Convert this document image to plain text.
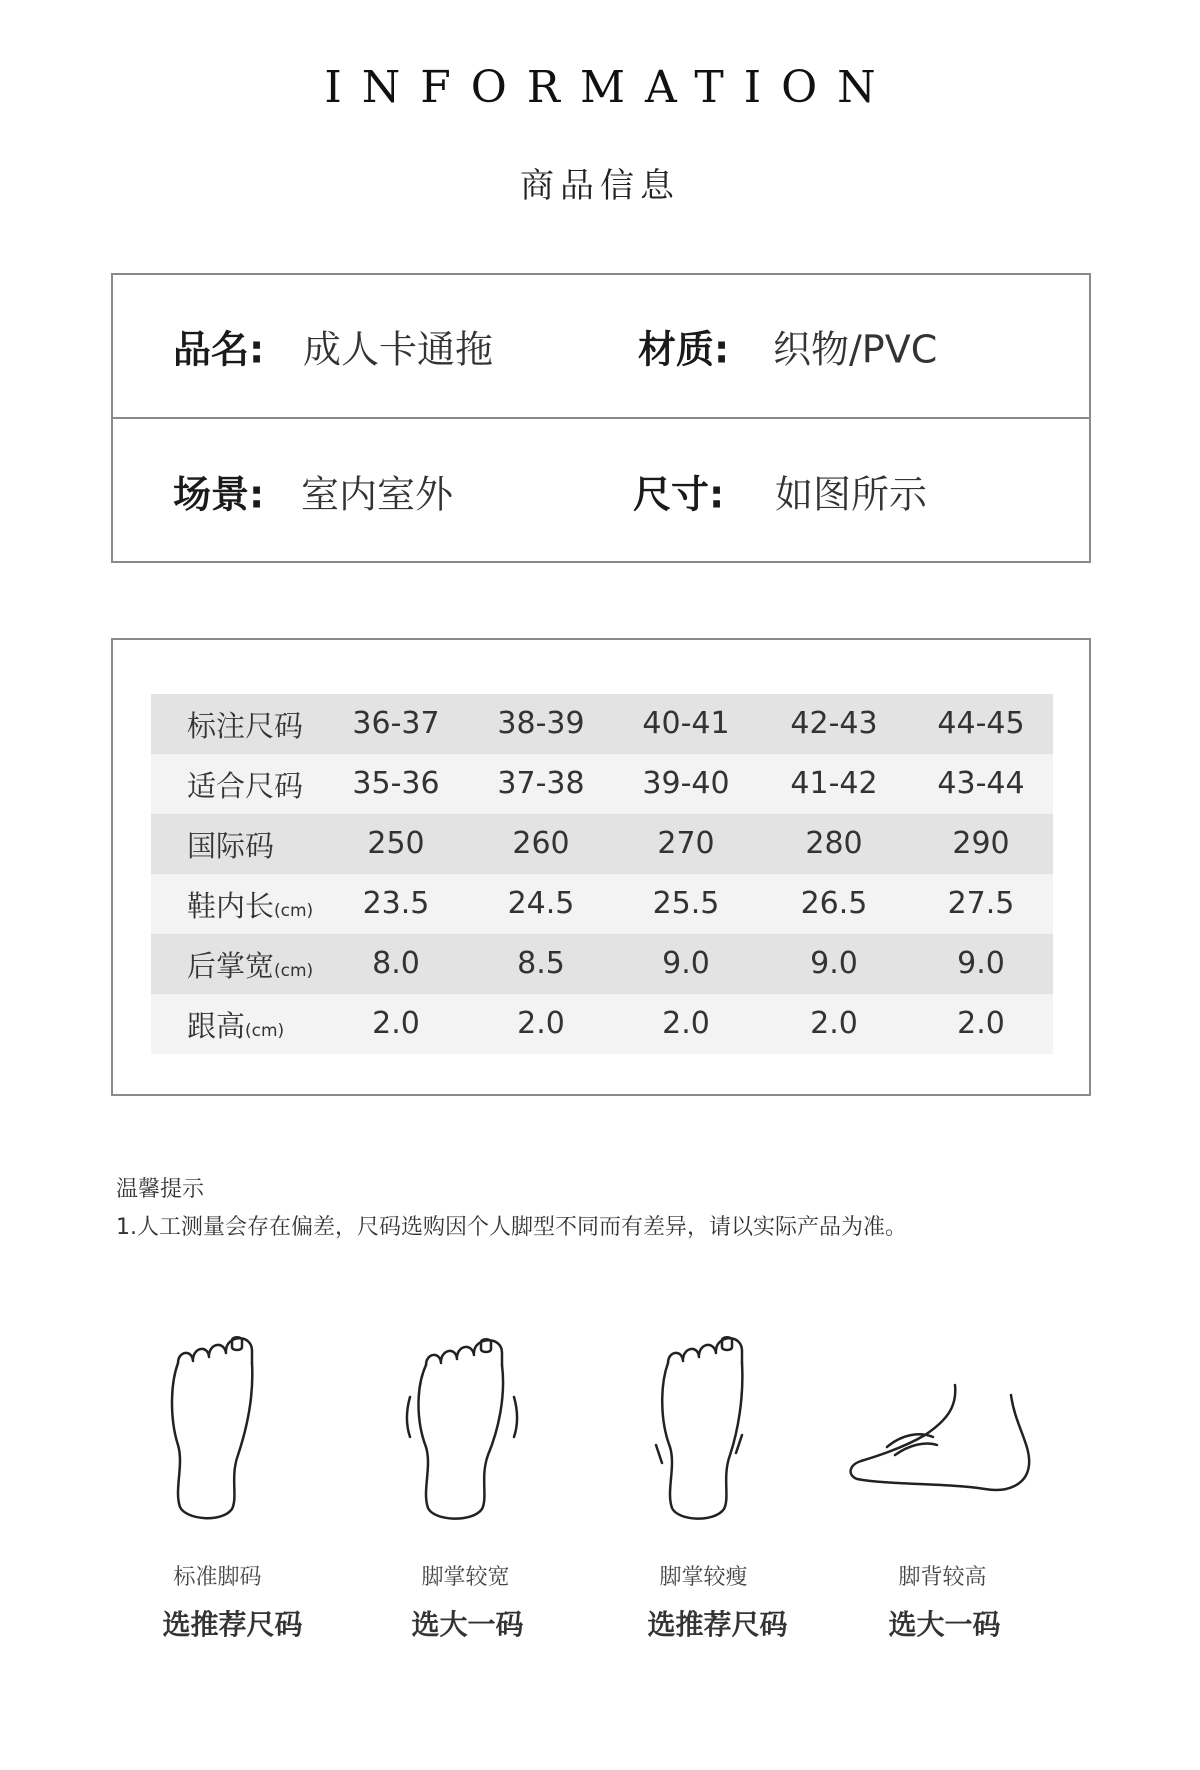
INFORMATION
商品信息
品名: 成人卡通拖	材质: 织物/PVC
场景: 室内室外	尺寸: 如图所示
标注尺码	36-37	38-39	40-41	42-43	44-45
适合尺码	35-36	37-38	39-40	41-42	43-44
国际码	250	260	270	280	290
鞋内长(cm)	23.5	24.5	25.5	26.5	27.5
后掌宽(cm)	8.0	8.5	9.0	9.0	9.0
跟高(cm)	2.0	2.0	2.0	2.0	2.0
温馨提示
1.人工测量会存在偏差，尺码选购因个人脚型不同而有差异，请以实际产品为准。
标准脚码	脚掌较宽	脚掌较瘦	脚背较高
选推荐尺码	选大一码	选推荐尺码	选大一码
